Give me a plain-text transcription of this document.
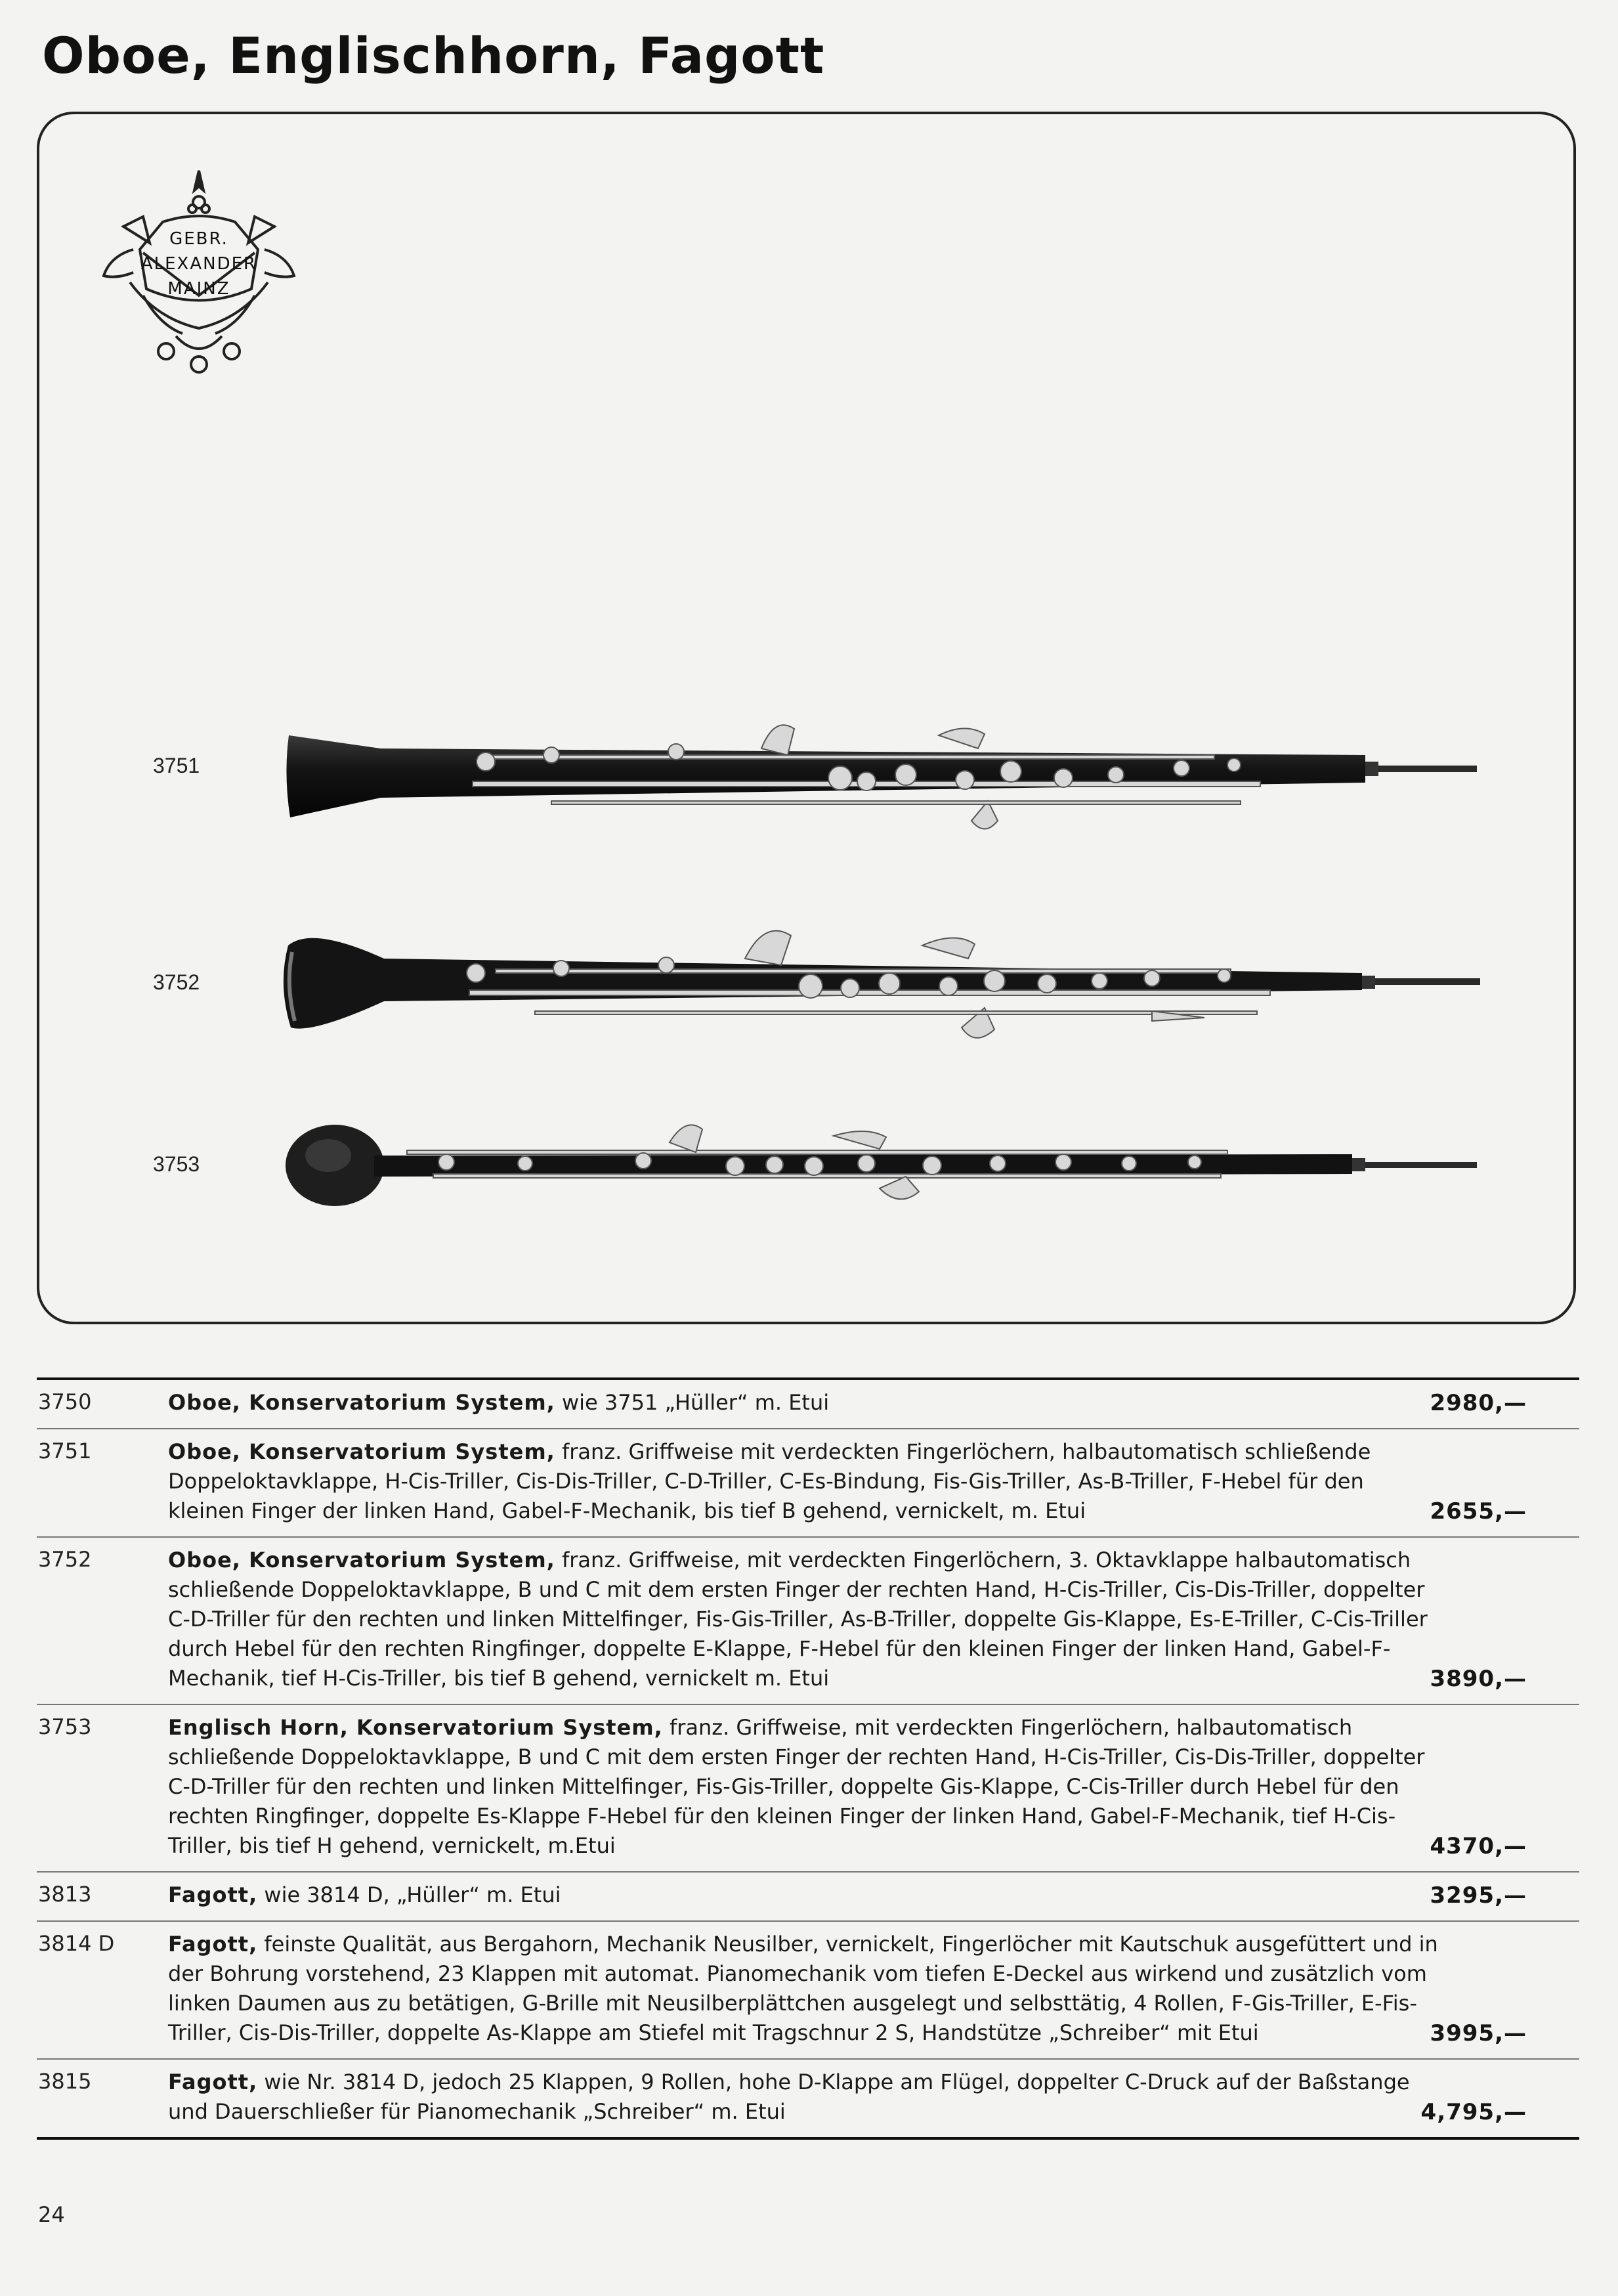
Oboe, Englischhorn, Fagott
GEBR.
ALEXANDER
MAINZ
3751
3752
3753
3750	Oboe, Konservatorium System, wie 3751 „Hüller“ m. Etui	2980,—
3751	Oboe, Konservatorium System, franz. Griffweise mit verdeckten Fingerlöchern, halbautomatisch schließende Doppeloktavklappe, H-Cis-Triller, Cis-Dis-Triller, C-D-Triller, C-Es-Bindung, Fis-Gis-Triller, As-B-Triller, F-Hebel für den kleinen Finger der linken Hand, Gabel-F-Mechanik, bis tief B gehend, vernickelt, m. Etui	2655,—
3752	Oboe, Konservatorium System, franz. Griffweise, mit verdeckten Fingerlöchern, 3. Oktavklappe halbautomatisch schließende Doppeloktavklappe, B und C mit dem ersten Finger der rechten Hand, H-Cis-Triller, Cis-Dis-Triller, doppelter C-D-Triller für den rechten und linken Mittelfinger, Fis-Gis-Triller, As-B-Triller, doppelte Gis-Klappe, Es-E-Triller, C-Cis-Triller durch Hebel für den rechten Ringfinger, doppelte E-Klappe, F-Hebel für den kleinen Finger der linken Hand, Gabel-F-Mechanik, tief H-Cis-Triller, bis tief B gehend, vernickelt m. Etui	3890,—
3753	Englisch Horn, Konservatorium System, franz. Griffweise, mit verdeckten Fingerlöchern, halbautomatisch schließende Doppeloktavklappe, B und C mit dem ersten Finger der rechten Hand, H-Cis-Triller, Cis-Dis-Triller, doppelter C-D-Triller für den rechten und linken Mittelfinger, Fis-Gis-Triller, doppelte Gis-Klappe, C-Cis-Triller durch Hebel für den rechten Ringfinger, doppelte Es-Klappe F-Hebel für den kleinen Finger der linken Hand, Gabel-F-Mechanik, tief H-Cis-Triller, bis tief H gehend, vernickelt, m.Etui	4370,—
3813	Fagott, wie 3814 D, „Hüller“ m. Etui	3295,—
3814 D	Fagott, feinste Qualität, aus Bergahorn, Mechanik Neusilber, vernickelt, Fingerlöcher mit Kautschuk ausgefüttert und in der Bohrung vorstehend, 23 Klappen mit automat. Pianomechanik vom tiefen E-Deckel aus wirkend und zusätzlich vom linken Daumen aus zu betätigen, G-Brille mit Neusilberplättchen ausgelegt und selbsttätig, 4 Rollen, F-Gis-Triller, E-Fis-Triller, Cis-Dis-Triller, doppelte As-Klappe am Stiefel mit Tragschnur 2 S, Handstütze „Schreiber“ mit Etui	3995,—
3815	Fagott, wie Nr. 3814 D, jedoch 25 Klappen, 9 Rollen, hohe D-Klappe am Flügel, doppelter C-Druck auf der Baßstange und Dauerschließer für Pianomechanik „Schreiber“ m. Etui	4,795,—
24
